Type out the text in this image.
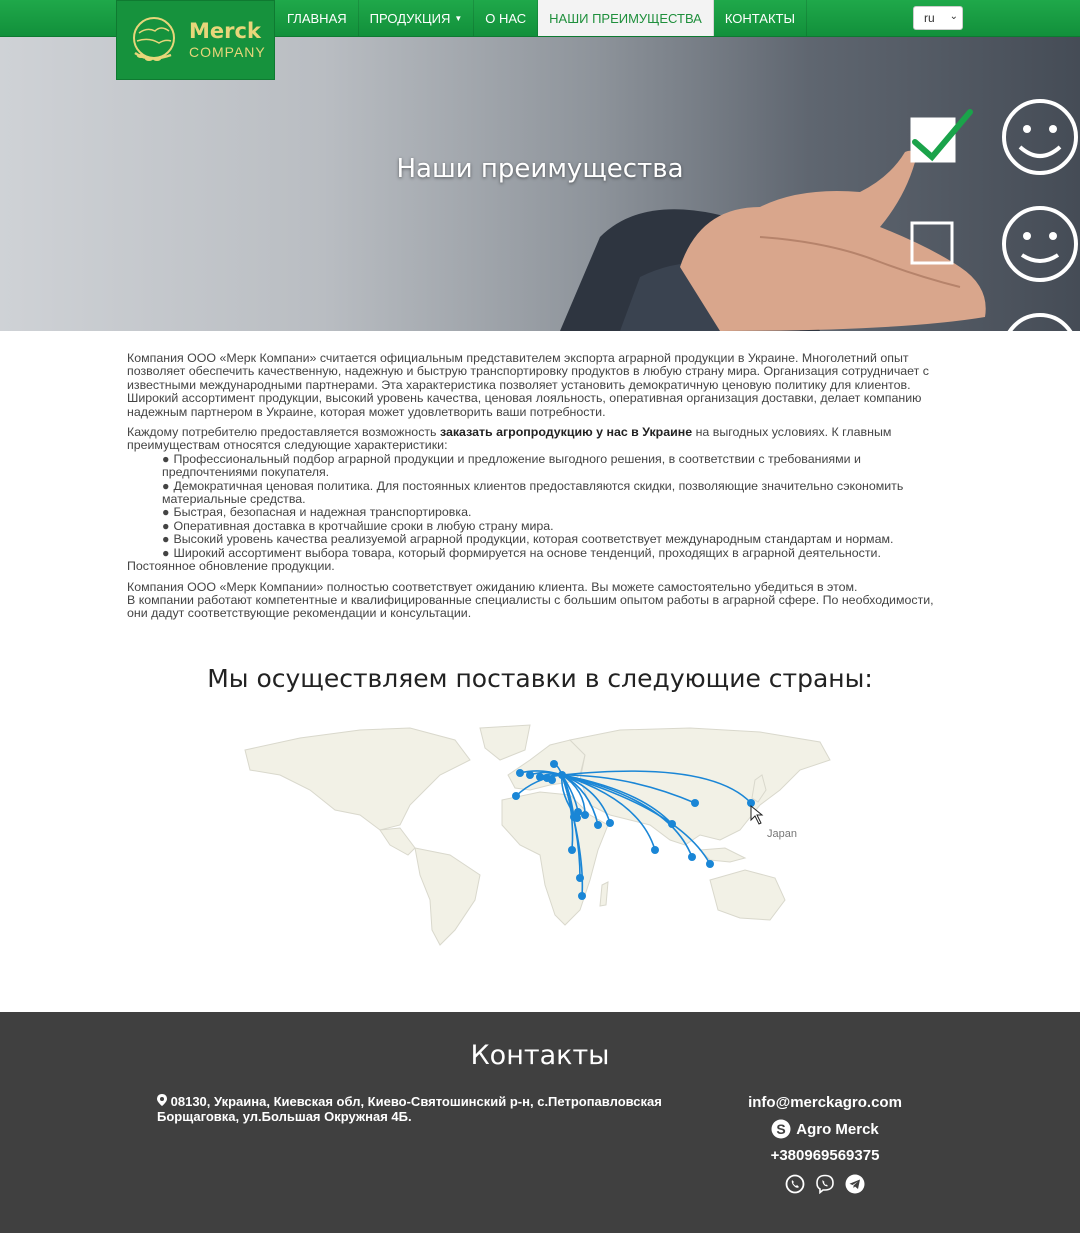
ГЛАВНАЯ ПРОДУКЦИЯ ▼ О НАС НАШИ ПРЕИМУЩЕСТВА КОНТАКТЫ	ru ⌄
Merck
COMPANY
Наши преимущества

Компания ООО «Мерк Компани» считается официальным представителем экспорта аграрной продукции в Украине. Многолетний опыт позволяет обеспечить качественную, надежную и быструю транспортировку продуктов в любую страну мира. Организация сотрудничает с известными международными партнерами. Эта характеристика позволяет установить демократичную ценовую политику для клиентов. Широкий ассортимент продукции, высокий уровень качества, ценовая лояльность, оперативная организация доставки, делает компанию надежным партнером в Украине, которая может удовлетворить ваши потребности.

Каждому потребителю предоставляется возможность заказать агропродукцию у нас в Украине на выгодных условиях. К главным преимуществам относятся следующие характеристики:

● Профессиональный подбор аграрной продукции и предложение выгодного решения, в соответствии с требованиями и предпочтениями покупателя.
● Демократичная ценовая политика. Для постоянных клиентов предоставляются скидки, позволяющие значительно сэкономить материальные средства.
● Быстрая, безопасная и надежная транспортировка.
● Оперативная доставка в кротчайшие сроки в любую страну мира.
● Высокий уровень качества реализуемой аграрной продукции, которая соответствует международным стандартам и нормам.
● Широкий ассортимент выбора товара, который формируется на основе тенденций, проходящих в аграрной деятельности.

Постоянное обновление продукции.

Компания ООО «Мерк Компании» полностью соответствует ожиданию клиента. Вы можете самостоятельно убедиться в этом.
В компании работают компетентные и квалифицированные специалисты с большим опытом работы в аграрной сфере. По необходимости, они дадут соответствующие рекомендации и консультации.

Мы осуществляем поставки в следующие страны:
Japan
Контакты
08130, Украина, Киевская обл, Киево-Святошинский р-н, с.Петропавловская Борщаговка, ул.Большая Окружная 4Б.
info@merckagro.com
S Agro Merck
+380969569375
